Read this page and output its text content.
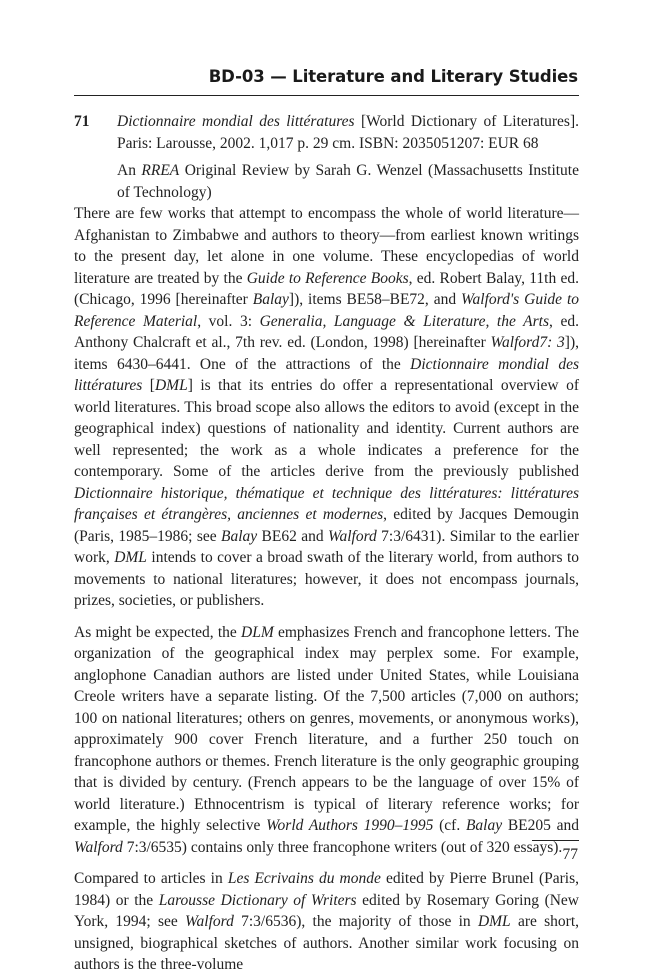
BD-03 — Literature and Literary Studies
71 Dictionnaire mondial des littératures [World Dictionary of Literatures]. Paris: Larousse, 2002. 1,017 p. 29 cm. ISBN: 2035051207: EUR 68

An RREA Original Review by Sarah G. Wenzel (Massachusetts Institute of Technology)

There are few works that attempt to encompass the whole of world literature—Afghanistan to Zimbabwe and authors to theory—from earliest known writings to the present day, let alone in one volume. These encyclopedias of world literature are treated by the Guide to Reference Books, ed. Robert Balay, 11th ed. (Chicago, 1996 [hereinafter Balay]), items BE58–BE72, and Walford's Guide to Reference Material, vol. 3: Generalia, Language & Literature, the Arts, ed. Anthony Chalcraft et al., 7th rev. ed. (London, 1998) [hereinafter Walford7: 3]), items 6430–6441. One of the attractions of the Dictionnaire mondial des littératures [DML] is that its entries do offer a representational overview of world literatures. This broad scope also allows the editors to avoid (except in the geographical index) questions of nationality and identity. Current authors are well represented; the work as a whole indicates a preference for the contemporary. Some of the articles derive from the previously published Dictionnaire historique, thématique et technique des littératures: littératures françaises et étrangères, anciennes et modernes, edited by Jacques Demougin (Paris, 1985–1986; see Balay BE62 and Walford 7:3/6431). Similar to the earlier work, DML intends to cover a broad swath of the literary world, from authors to movements to national literatures; however, it does not encompass journals, prizes, societies, or publishers.

As might be expected, the DLM emphasizes French and francophone letters. The organization of the geographical index may perplex some. For example, anglophone Canadian authors are listed under United States, while Louisiana Creole writers have a separate listing. Of the 7,500 articles (7,000 on authors; 100 on national literatures; others on genres, movements, or anonymous works), approximately 900 cover French literature, and a further 250 touch on francophone authors or themes. French literature is the only geographic grouping that is divided by century. (French appears to be the language of over 15% of world literature.) Ethnocentrism is typical of literary reference works; for example, the highly selective World Authors 1990–1995 (cf. Balay BE205 and Walford 7:3/6535) contains only three francophone writers (out of 320 essays).

Compared to articles in Les Ecrivains du monde edited by Pierre Brunel (Paris, 1984) or the Larousse Dictionary of Writers edited by Rosemary Goring (New York, 1994; see Walford 7:3/6536), the majority of those in DML are short, unsigned, biographical sketches of authors. Another similar work focusing on authors is the three-volume

77
